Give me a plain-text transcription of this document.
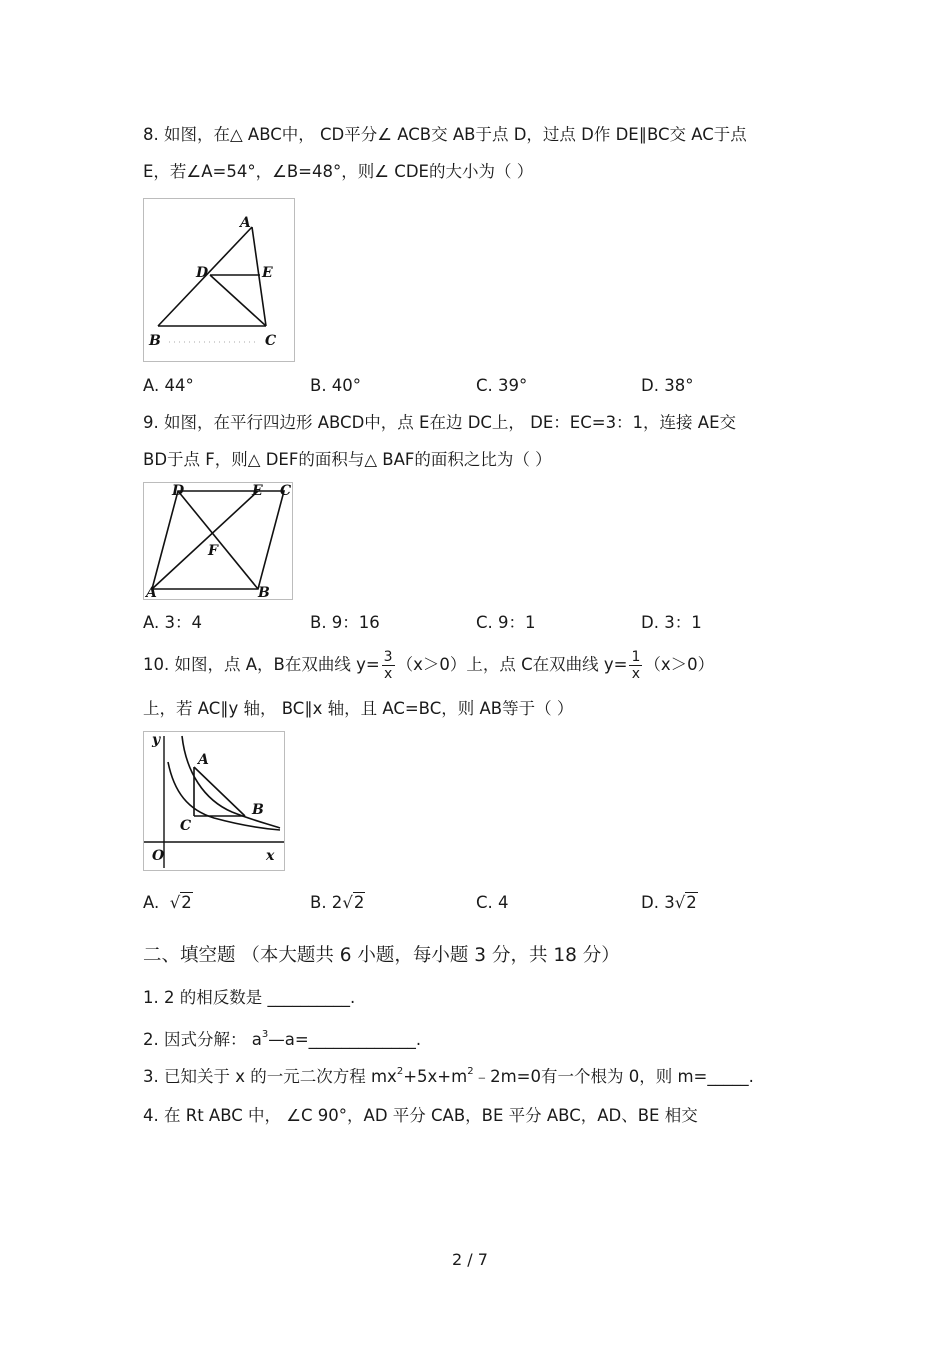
8. 如图，在△ ABC中， CD平分∠ ACB交 AB于点 D，过点 D作 DE∥BC交 AC于点
E，若∠A=54°，∠B=48°，则∠ CDE的大小为（ ）
A
D	E
B	C
A. 44°	B. 40°	C. 39°	D. 38°
9. 如图，在平行四边形 ABCD中，点 E在边 DC上， DE：EC=3：1，连接 AE交
BD于点 F，则△ DEF的面积与△ BAF的面积之比为（ ）
D	E C
F
A	B
A. 3：4	B. 9：16	C. 9：1	D. 3：1
10. 如图，点 A，B在双曲线 $y= \frac{3}{x} (x>0)$上，点 C在双曲线 $y= \frac{1}{x} (x>0)$
上，若 AC∥y 轴， BC∥x 轴，且 AC=BC，则 AB等于（ ）
y
A
B
C
O	x
A. √2	B. 2√2	C. 4	D. 3√2
二、填空题 （本大题共 6 小题，每小题 3 分，共 18 分）
1. 2 的相反数是 __________.
2. 因式分解： $a^3—a=\_\_\_\_\_\_\_\_\_\_\_\_\_$.
3. 已知关于 x 的一元二次方程 $mx^2+5x+m^2﹣2m=0$有一个根为 0，则 m=_____.
4. 在 Rt ABC 中， ∠C 90°，AD 平分 CAB，BE 平分 ABC，AD、BE 相交
2 / 7
